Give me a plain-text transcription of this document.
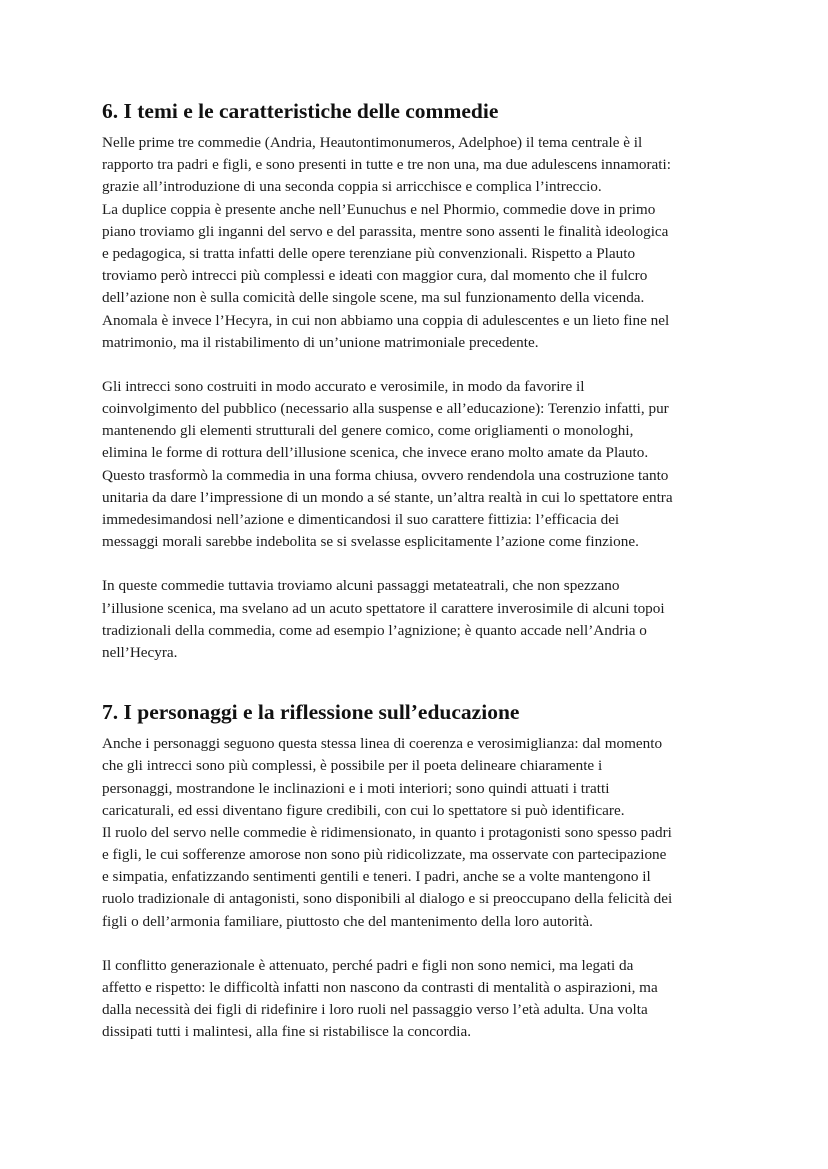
6. I temi e le caratteristiche delle commedie

Nelle prime tre commedie (Andria, Heautontimonumeros, Adelphoe) il tema centrale è il
rapporto tra padri e figli, e sono presenti in tutte e tre non una, ma due adulescens innamorati:
grazie all’introduzione di una seconda coppia si arricchisce e complica l’intreccio.
La duplice coppia è presente anche nell’Eunuchus e nel Phormio, commedie dove in primo
piano troviamo gli inganni del servo e del parassita, mentre sono assenti le finalità ideologica
e pedagogica, si tratta infatti delle opere terenziane più convenzionali. Rispetto a Plauto
troviamo però intrecci più complessi e ideati con maggior cura, dal momento che il fulcro
dell’azione non è sulla comicità delle singole scene, ma sul funzionamento della vicenda.
Anomala è invece l’Hecyra, in cui non abbiamo una coppia di adulescentes e un lieto fine nel
matrimonio, ma il ristabilimento di un’unione matrimoniale precedente.

Gli intrecci sono costruiti in modo accurato e verosimile, in modo da favorire il
coinvolgimento del pubblico (necessario alla suspense e all’educazione): Terenzio infatti, pur
mantenendo gli elementi strutturali del genere comico, come origliamenti o monologhi,
elimina le forme di rottura dell’illusione scenica, che invece erano molto amate da Plauto.
Questo trasformò la commedia in una forma chiusa, ovvero rendendola una costruzione tanto
unitaria da dare l’impressione di un mondo a sé stante, un’altra realtà in cui lo spettatore entra
immedesimandosi nell’azione e dimenticandosi il suo carattere fittizia: l’efficacia dei
messaggi morali sarebbe indebolita se si svelasse esplicitamente l’azione come finzione.

In queste commedie tuttavia troviamo alcuni passaggi metateatrali, che non spezzano
l’illusione scenica, ma svelano ad un acuto spettatore il carattere inverosimile di alcuni topoi
tradizionali della commedia, come ad esempio l’agnizione; è quanto accade nell’Andria o
nell’Hecyra.

7. I personaggi e la riflessione sull’educazione

Anche i personaggi seguono questa stessa linea di coerenza e verosimiglianza: dal momento
che gli intrecci sono più complessi, è possibile per il poeta delineare chiaramente i
personaggi, mostrandone le inclinazioni e i moti interiori; sono quindi attuati i tratti
caricaturali, ed essi diventano figure credibili, con cui lo spettatore si può identificare.
Il ruolo del servo nelle commedie è ridimensionato, in quanto i protagonisti sono spesso padri
e figli, le cui sofferenze amorose non sono più ridicolizzate, ma osservate con partecipazione
e simpatia, enfatizzando sentimenti gentili e teneri. I padri, anche se a volte mantengono il
ruolo tradizionale di antagonisti, sono disponibili al dialogo e si preoccupano della felicità dei
figli o dell’armonia familiare, piuttosto che del mantenimento della loro autorità.

Il conflitto generazionale è attenuato, perché padri e figli non sono nemici, ma legati da
affetto e rispetto: le difficoltà infatti non nascono da contrasti di mentalità o aspirazioni, ma
dalla necessità dei figli di ridefinire i loro ruoli nel passaggio verso l’età adulta. Una volta
dissipati tutti i malintesi, alla fine si ristabilisce la concordia.
